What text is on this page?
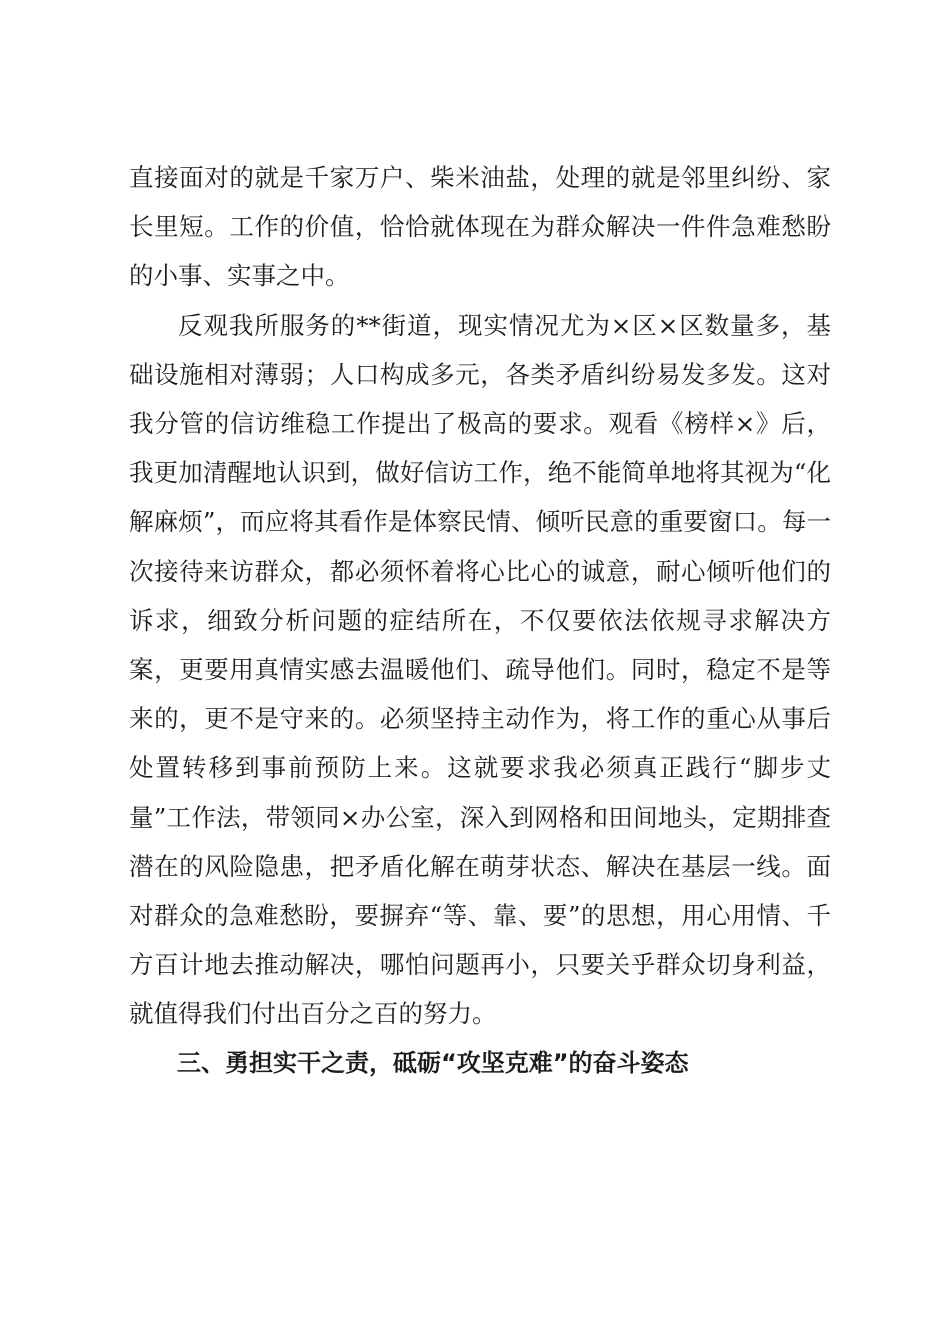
直接面对的就是千家万户、柴米油盐，处理的就是邻里纠纷、家长里短。工作的价值，恰恰就体现在为群众解决一件件急难愁盼的小事、实事之中。

反观我所服务的**街道，现实情况尤为×区×区数量多，基础设施相对薄弱；人口构成多元，各类矛盾纠纷易发多发。这对我分管的信访维稳工作提出了极高的要求。观看《榜样×》后，我更加清醒地认识到，做好信访工作，绝不能简单地将其视为“化解麻烦”，而应将其看作是体察民情、倾听民意的重要窗口。每一次接待来访群众，都必须怀着将心比心的诚意，耐心倾听他们的诉求，细致分析问题的症结所在，不仅要依法依规寻求解决方案，更要用真情实感去温暖他们、疏导他们。同时，稳定不是等来的，更不是守来的。必须坚持主动作为，将工作的重心从事后处置转移到事前预防上来。这就要求我必须真正践行“脚步丈量”工作法，带领同×办公室，深入到网格和田间地头，定期排查潜在的风险隐患，把矛盾化解在萌芽状态、解决在基层一线。面对群众的急难愁盼，要摒弃“等、靠、要”的思想，用心用情、千方百计地去推动解决，哪怕问题再小，只要关乎群众切身利益，就值得我们付出百分之百的努力。

三、勇担实干之责，砥砺“攻坚克难”的奋斗姿态
